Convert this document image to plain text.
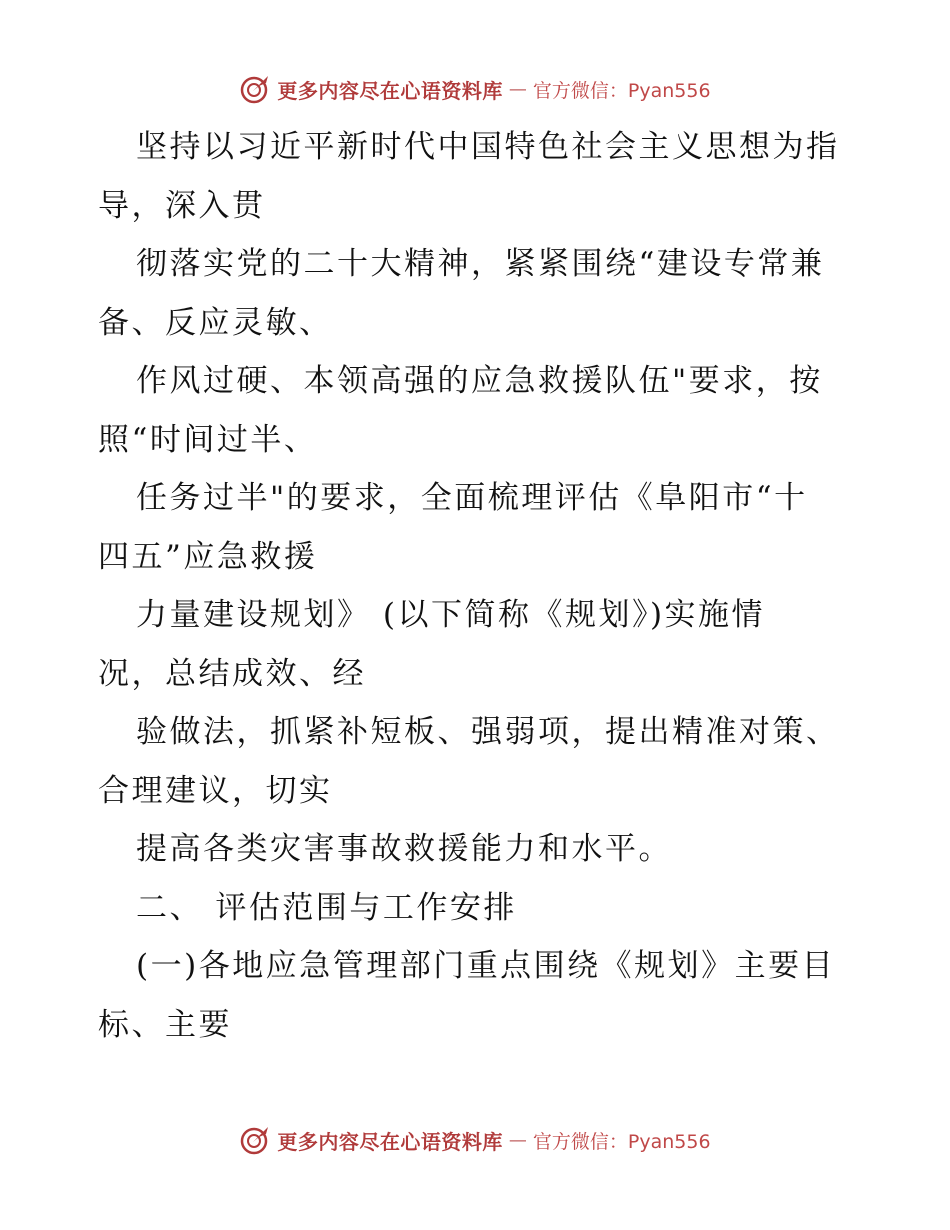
更多内容尽在心语资料库 — 官方微信：Pyan556
坚持以习近平新时代中国特色社会主义思想为指
导，深入贯
彻落实党的二十大精神，紧紧围绕“建设专常兼
备、反应灵敏、
作风过硬、本领高强的应急救援队伍"要求，按
照“时间过半、
任务过半"的要求，全面梳理评估《阜阳市“十
四五”应急救援
力量建设规划》 (以下简称《规划》)实施情
况，总结成效、经
验做法，抓紧补短板、强弱项，提出精准对策、
合理建议，切实
提高各类灾害事故救援能力和水平。
二、 评估范围与工作安排
(一)各地应急管理部门重点围绕《规划》主要目
标、主要
更多内容尽在心语资料库 — 官方微信：Pyan556
